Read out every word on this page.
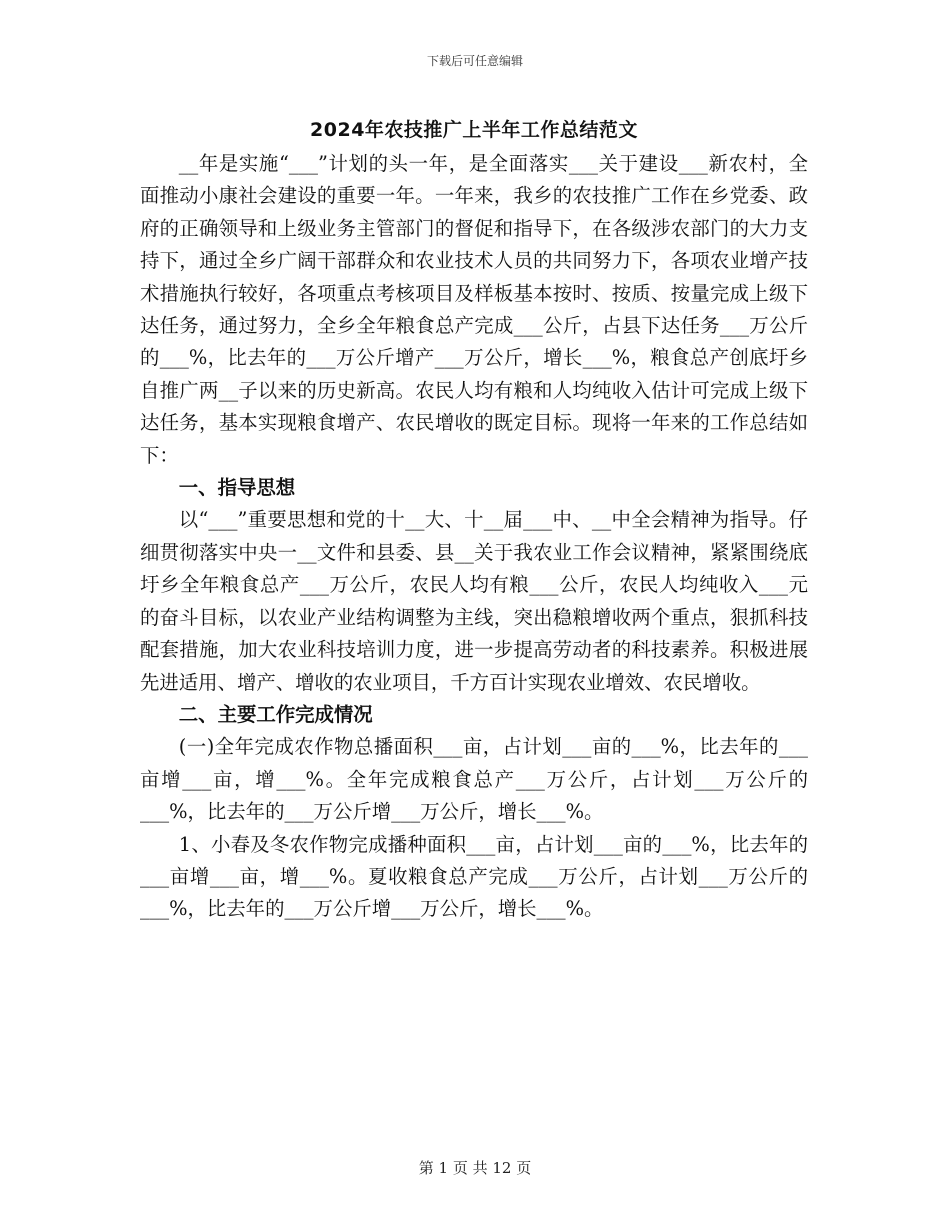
下载后可任意编辑
2024年农技推广上半年工作总结范文

__年是实施“___”计划的头一年，是全面落实___关于建设___新农村，全面推动小康社会建设的重要一年。一年来，我乡的农技推广工作在乡党委、政府的正确领导和上级业务主管部门的督促和指导下，在各级涉农部门的大力支持下，通过全乡广阔干部群众和农业技术人员的共同努力下，各项农业增产技术措施执行较好，各项重点考核项目及样板基本按时、按质、按量完成上级下达任务，通过努力，全乡全年粮食总产完成___公斤，占县下达任务___万公斤的___%，比去年的___万公斤增产___万公斤，增长___%，粮食总产创底圩乡自推广两__子以来的历史新高。农民人均有粮和人均纯收入估计可完成上级下达任务，基本实现粮食增产、农民增收的既定目标。现将一年来的工作总结如下：

一、指导思想

以“___”重要思想和党的十__大、十__届___中、__中全会精神为指导。仔细贯彻落实中央一__文件和县委、县__关于我农业工作会议精神，紧紧围绕底圩乡全年粮食总产___万公斤，农民人均有粮___公斤，农民人均纯收入___元的奋斗目标，以农业产业结构调整为主线，突出稳粮增收两个重点，狠抓科技配套措施，加大农业科技培训力度，进一步提高劳动者的科技素养。积极进展先进适用、增产、增收的农业项目，千方百计实现农业增效、农民增收。

二、主要工作完成情况

(一)全年完成农作物总播面积___亩，占计划___亩的___%，比去年的___亩增___亩，增___%。全年完成粮食总产___万公斤，占计划___万公斤的___%，比去年的___万公斤增___万公斤，增长___%。

1、小春及冬农作物完成播种面积___亩，占计划___亩的___%，比去年的___亩增___亩，增___%。夏收粮食总产完成___万公斤，占计划___万公斤的___%，比去年的___万公斤增___万公斤，增长___%。

第 1 页 共 12 页
